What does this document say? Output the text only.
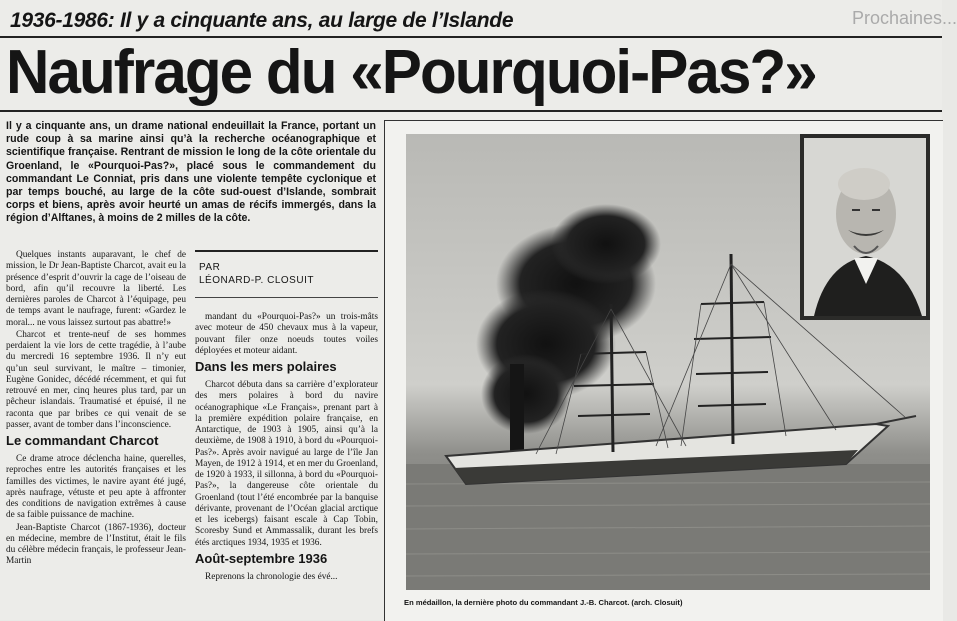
1936-1986: Il y a cinquante ans, au large de l’Islande	Prochaines...
Naufrage du «Pourquoi-Pas?»
Il y a cinquante ans, un drame national endeuillait la France, portant un rude coup à sa marine ainsi qu’à la recherche océanographique et scientifique française. Rentrant de mission le long de la côte orientale du Groenland, le «Pourquoi-Pas?», placé sous le commandement du commandant Le Conniat, pris dans une violente tempête cyclonique et par temps bouché, au large de la côte sud-ouest d’Islande, sombrait corps et biens, après avoir heurté un amas de récifs immergés, dans la région d’Alftanes, à moins de 2 milles de la côte.

Quelques instants auparavant, le chef de mission, le Dr Jean-Baptiste Charcot, avait eu la présence d’esprit d’ouvrir la cage de l’oiseau de bord, afin qu’il recouvre la liberté. Les dernières paroles de Charcot à l’équipage, peu de temps avant le naufrage, furent: «Gardez le moral... ne vous laissez surtout pas abattre!»

Charcot et trente-neuf de ses hommes perdaient la vie lors de cette tragédie, à l’aube du mercredi 16 septembre 1936. Il n’y eut qu’un seul survivant, le maître – timonier, Eugène Gonidec, décédé récemment, et qui fut retrouvé en mer, cinq heures plus tard, par un pêcheur islandais. Traumatisé et épuisé, il ne raconta que par bribes ce qui venait de se passer, avant de tomber dans l’inconscience.

Le commandant Charcot

Ce drame atroce déclencha haine, querelles, reproches entre les autorités françaises et les familles des victimes, le navire ayant été jugé, après naufrage, vétuste et peu apte à affronter des conditions de navigation extrêmes à cause de sa faible puissance de machine.

Jean-Baptiste Charcot (1867-1936), docteur en médecine, membre de l’Institut, était le fils du célèbre médecin français, le professeur Jean-Martin

PAR
LÉONARD-P. CLOSUIT

mandant du «Pourquoi-Pas?» un trois-mâts avec moteur de 450 chevaux mus à la vapeur, pouvant filer onze noeuds toutes voiles déployées et moteur aidant.

Dans les mers polaires

Charcot débuta dans sa carrière d’explorateur des mers polaires à bord du navire océanographique «Le Français», prenant part à la première expédition polaire française, en Antarctique, de 1903 à 1905, ainsi qu’à la deuxième, de 1908 à 1910, à bord du «Pourquoi-Pas?». Après avoir navigué au large de l’île Jan Mayen, de 1912 à 1914, et en mer du Groenland, de 1920 à 1933, il sillonna, à bord du «Pourquoi-Pas?», la dangereuse côte orientale du Groenland (tout l’été encombrée par la banquise dérivante, provenant de l’Océan glacial arctique et les icebergs) faisant escale à Cap Tobin, Scoresby Sund et Ammassalik, durant les brefs étés arctiques 1934, 1935 et 1936.

Août-septembre 1936

Reprenons la chronologie des évé...

En médaillon, la dernière photo du commandant J.-B. Charcot. (arch. Closuit)
